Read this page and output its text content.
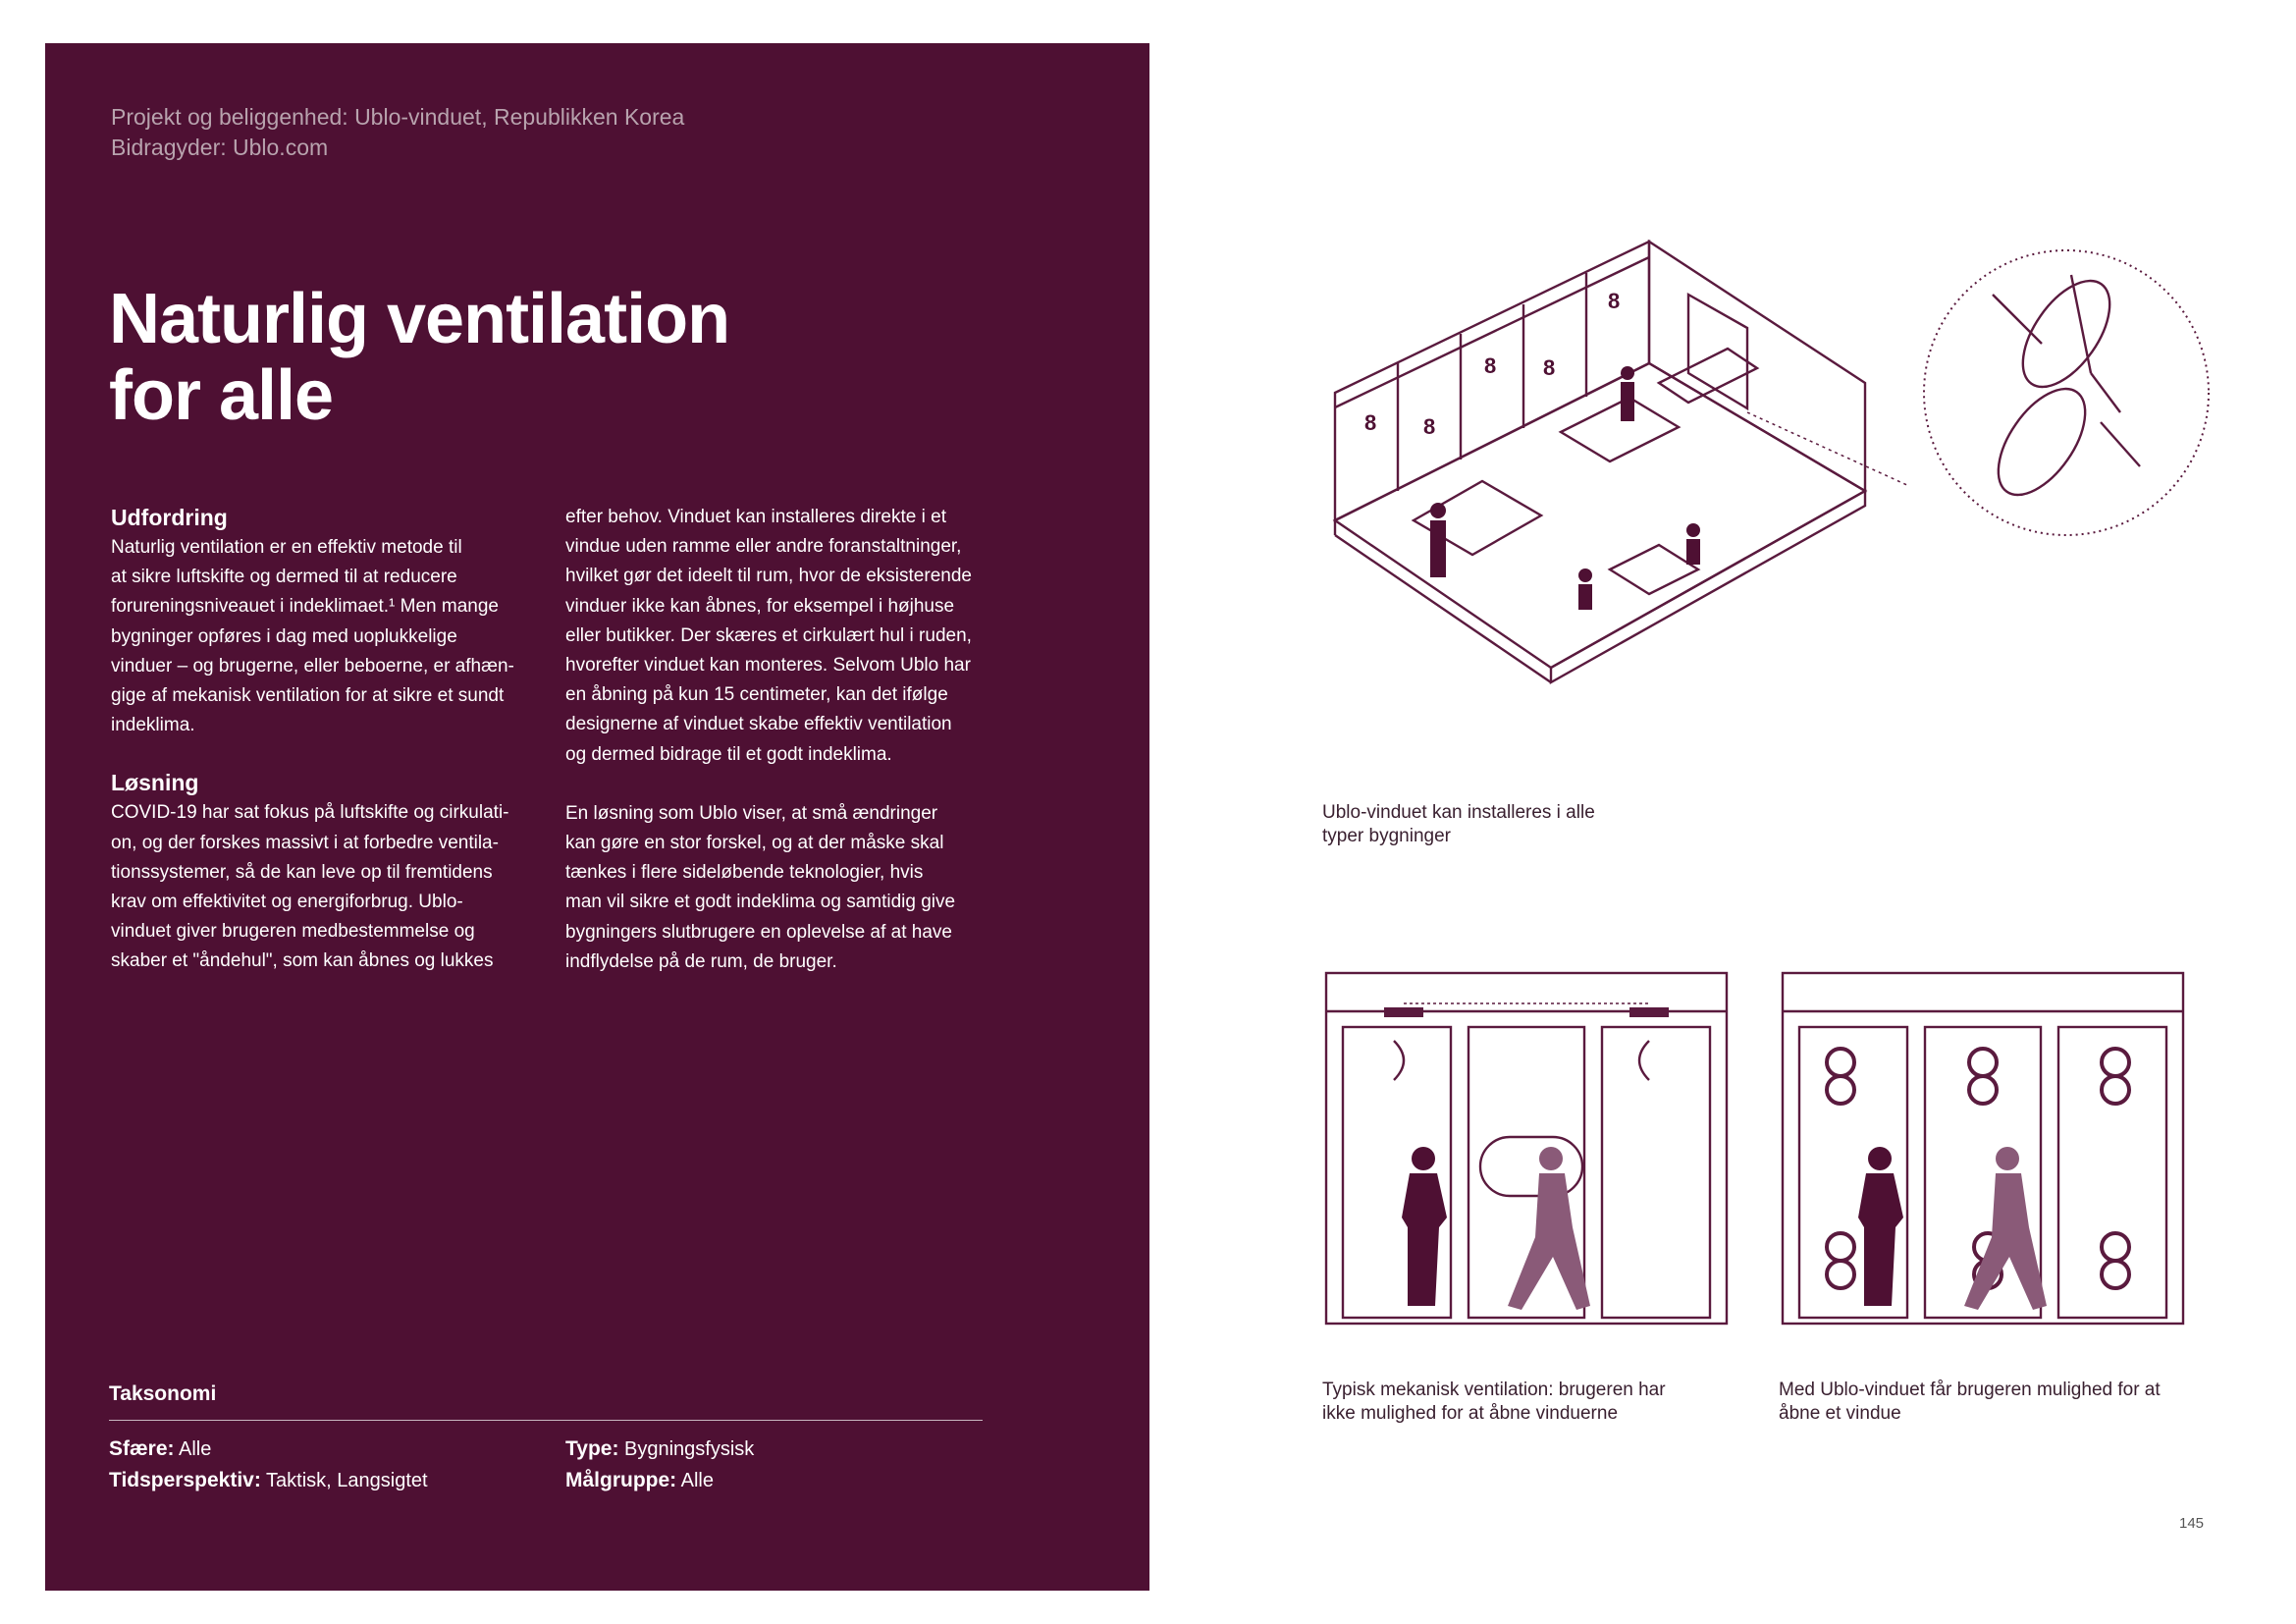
Projekt og beliggenhed: Ublo-vinduet, Republikken Korea
Bidragyder: Ublo.com
Naturlig ventilation
for alle
Udfordring

Naturlig ventilation er en effektiv metode til

at sikre luftskifte og dermed til at reducere

forureningsniveauet i indeklimaet.¹ Men mange

bygninger opføres i dag med uoplukkelige

vinduer – og brugerne, eller beboerne, er afhæn-

gige af mekanisk ventilation for at sikre et sundt

indeklima.

Løsning

COVID-19 har sat fokus på luftskifte og cirkulati-

on, og der forskes massivt i at forbedre ventila-

tionssystemer, så de kan leve op til fremtidens

krav om effektivitet og energiforbrug. Ublo-

vinduet giver brugeren medbestemmelse og

skaber et "åndehul", som kan åbnes og lukkes

efter behov. Vinduet kan installeres direkte i et

vindue uden ramme eller andre foranstaltninger,

hvilket gør det ideelt til rum, hvor de eksisterende

vinduer ikke kan åbnes, for eksempel i højhuse

eller butikker. Der skæres et cirkulært hul i ruden,

hvorefter vinduet kan monteres. Selvom Ublo har

en åbning på kun 15 centimeter, kan det ifølge

designerne af vinduet skabe effektiv ventilation

og dermed bidrage til et godt indeklima.

En løsning som Ublo viser, at små ændringer

kan gøre en stor forskel, og at der måske skal

tænkes i flere sideløbende teknologier, hvis

man vil sikre et godt indeklima og samtidig give

bygningers slutbrugere en oplevelse af at have

indflydelse på de rum, de bruger.

Taksonomi
Sfære: Alle
Tidsperspektiv: Taktisk, Langsigtet
Type: Bygningsfysisk
Målgruppe: Alle
8 8
8 8
8
Ublo-vinduet kan installeres i alle
typer bygninger
Typisk mekanisk ventilation: brugeren har
ikke mulighed for at åbne vinduerne
Med Ublo-vinduet får brugeren mulighed for at
åbne et vindue
145
